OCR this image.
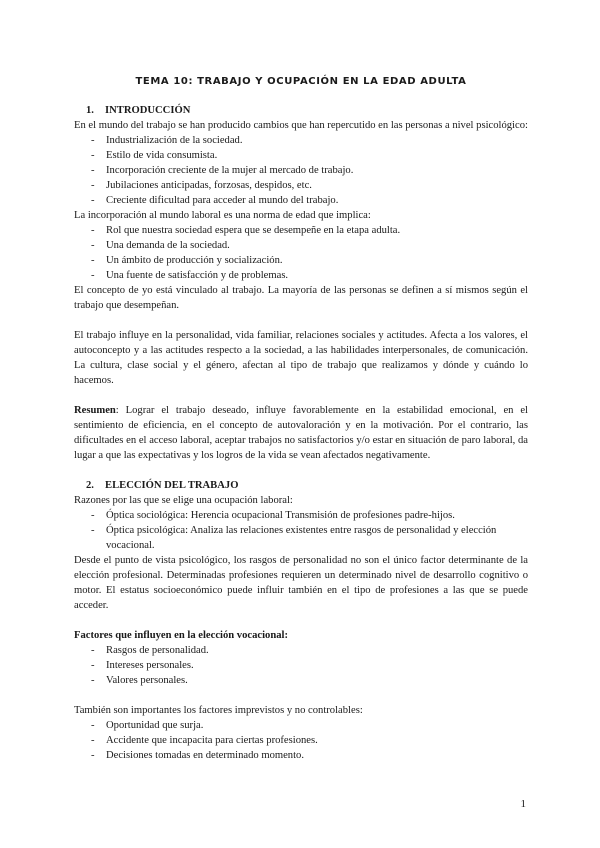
TEMA 10: TRABAJO Y OCUPACIÓN EN LA EDAD ADULTA
1. INTRODUCCIÓN

En el mundo del trabajo se han producido cambios que han repercutido en las personas a nivel psicológico:

- Industrialización de la sociedad.
- Estilo de vida consumista.
- Incorporación creciente de la mujer al mercado de trabajo.
- Jubilaciones anticipadas, forzosas, despidos, etc.
- Creciente dificultad para acceder al mundo del trabajo.

La incorporación al mundo laboral es una norma de edad que implica:

- Rol que nuestra sociedad espera que se desempeñe en la etapa adulta.
- Una demanda de la sociedad.
- Un ámbito de producción y socialización.
- Una fuente de satisfacción y de problemas.

El concepto de yo está vinculado al trabajo. La mayoría de las personas se definen a sí mismos según el trabajo que desempeñan.

El trabajo influye en la personalidad, vida familiar, relaciones sociales y actitudes. Afecta a los valores, el autoconcepto y a las actitudes respecto a la sociedad, a las habilidades interpersonales, de comunicación. La cultura, clase social y el género, afectan al tipo de trabajo que realizamos y dónde y cuándo lo hacemos.

Resumen: Lograr el trabajo deseado, influye favorablemente en la estabilidad emocional, en el sentimiento de eficiencia, en el concepto de autovaloración y en la motivación. Por el contrario, las dificultades en el acceso laboral, aceptar trabajos no satisfactorios y/o estar en situación de paro laboral, da lugar a que las expectativas y los logros de la vida se vean afectados negativamente.

2. ELECCIÓN DEL TRABAJO

Razones por las que se elige una ocupación laboral:

- Óptica sociológica: Herencia ocupacional Transmisión de profesiones padre-hijos.
- Óptica psicológica: Analiza las relaciones existentes entre rasgos de personalidad y elección vocacional.

Desde el punto de vista psicológico, los rasgos de personalidad no son el único factor determinante de la elección profesional. Determinadas profesiones requieren un determinado nivel de desarrollo cognitivo o motor. El estatus socioeconómico puede influir también en el tipo de profesiones a las que se puede acceder.

Factores que influyen en la elección vocacional:

- Rasgos de personalidad.
- Intereses personales.
- Valores personales.

También son importantes los factores imprevistos y no controlables:

- Oportunidad que surja.
- Accidente que incapacita para ciertas profesiones.
- Decisiones tomadas en determinado momento.
1
